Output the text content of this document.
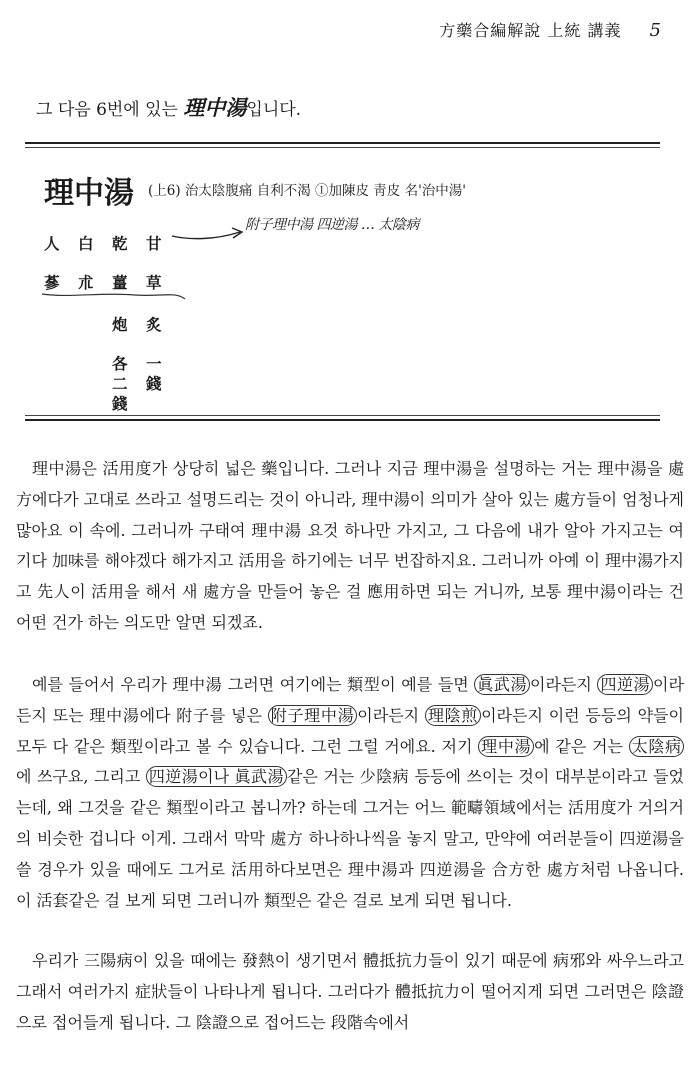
方藥合編解說 上統 講義 5
그 다음 6번에 있는 理中湯입니다.
理中湯 (上6) 治太陰腹痛 自利不渴 ①加陳皮 靑皮 名'治中湯'
人 白 乾 甘
附子理中湯 四逆湯 … 太陰病
蔘 朮 薑 草
炮 炙
各 一
二 錢
錢

理中湯은 活用度가 상당히 넓은 藥입니다. 그러나 지금 理中湯을 설명하는 거는 理中湯을 處方에다가 고대로 쓰라고 설명드리는 것이 아니라, 理中湯이 의미가 살아 있는 處方들이 엄청나게 많아요 이 속에. 그러니까 구태여 理中湯 요것 하나만 가지고, 그 다음에 내가 알아 가지고는 여기다 加味를 해야겠다 해가지고 活用을 하기에는 너무 번잡하지요. 그러니까 아예 이 理中湯가지고 先人이 活用을 해서 새 處方을 만들어 놓은 걸 應用하면 되는 거니까, 보통 理中湯이라는 건 어떤 건가 하는 의도만 알면 되겠죠.

예를 들어서 우리가 理中湯 그러면 여기에는 類型이 예를 들면 眞武湯 이라든지 四逆湯 이라든지 또는 理中湯에다 附子를 넣은 附子理中湯 이라든지 理陰煎 이라든지 이런 등등의 약들이 모두 다 같은 類型이라고 볼 수 있습니다. 그런 그럴 거에요. 저기 理中湯 에 같은 거는 太陰病에 쓰구요, 그리고 四逆湯이나 眞武湯 같은 거는 少陰病 등등에 쓰이는 것이 대부분이라고 들었는데, 왜 그것을 같은 類型이라고 봅니까? 하는데 그거는 어느 範疇領域에서는 活用度가 거의거의 비슷한 겁니다 이게. 그래서 막막 處方 하나하나씩을 놓지 말고, 만약에 여러분들이 四逆湯을 쓸 경우가 있을 때에도 그거로 活用하다보면은 理中湯과 四逆湯을 合方한 處方처럼 나옵니다. 이 活套같은 걸 보게 되면 그러니까 類型은 같은 걸로 보게 되면 됩니다.

우리가 三陽病이 있을 때에는 發熱이 생기면서 體抵抗力들이 있기 때문에 病邪와 싸우느라고 그래서 여러가지 症狀들이 나타나게 됩니다. 그러다가 體抵抗力이 떨어지게 되면 그러면은 陰證으로 접어들게 됩니다. 그 陰證으로 접어드는 段階속에서
